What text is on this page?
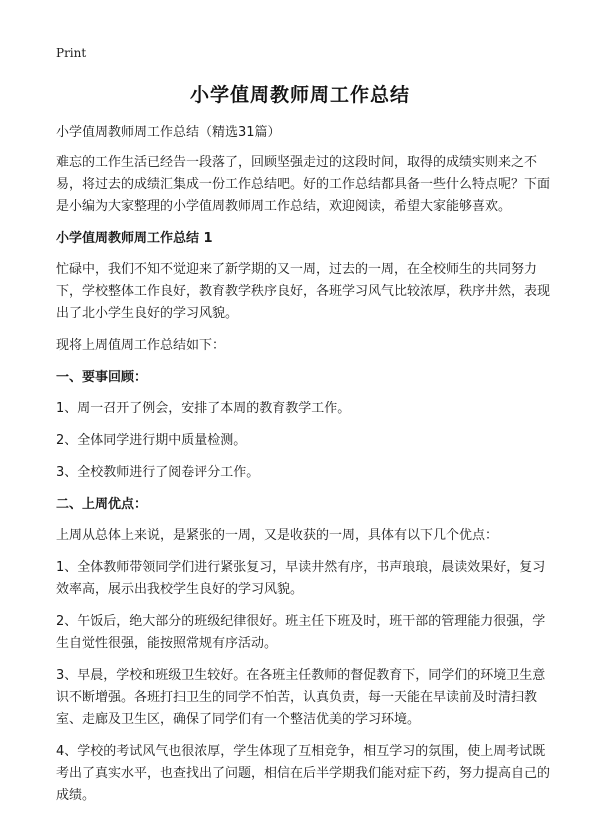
Print
小学值周教师周工作总结

小学值周教师周工作总结（精选31篇）

难忘的工作生活已经告一段落了，回顾坚强走过的这段时间，取得的成绩实则来之不易，将过去的成绩汇集成一份工作总结吧。好的工作总结都具备一些什么特点呢？下面是小编为大家整理的小学值周教师周工作总结，欢迎阅读，希望大家能够喜欢。

小学值周教师周工作总结 1

忙碌中，我们不知不觉迎来了新学期的又一周，过去的一周，在全校师生的共同努力下，学校整体工作良好，教育教学秩序良好，各班学习风气比较浓厚，秩序井然，表现出了北小学生良好的学习风貌。

现将上周值周工作总结如下：

一、要事回顾：

1、周一召开了例会，安排了本周的教育教学工作。

2、全体同学进行期中质量检测。

3、全校教师进行了阅卷评分工作。

二、上周优点：

上周从总体上来说，是紧张的一周，又是收获的一周，具体有以下几个优点：

1、全体教师带领同学们进行紧张复习，早读井然有序，书声琅琅，晨读效果好，复习效率高，展示出我校学生良好的学习风貌。

2、午饭后，绝大部分的班级纪律很好。班主任下班及时，班干部的管理能力很强，学生自觉性很强，能按照常规有序活动。

3、早晨，学校和班级卫生较好。在各班主任教师的督促教育下，同学们的环境卫生意识不断增强。各班打扫卫生的同学不怕苦，认真负责，每一天能在早读前及时清扫教室、走廊及卫生区，确保了同学们有一个整洁优美的学习环境。

4、学校的考试风气也很浓厚，学生体现了互相竞争，相互学习的氛围，使上周考试既考出了真实水平，也查找出了问题，相信在后半学期我们能对症下药，努力提高自己的成绩。
